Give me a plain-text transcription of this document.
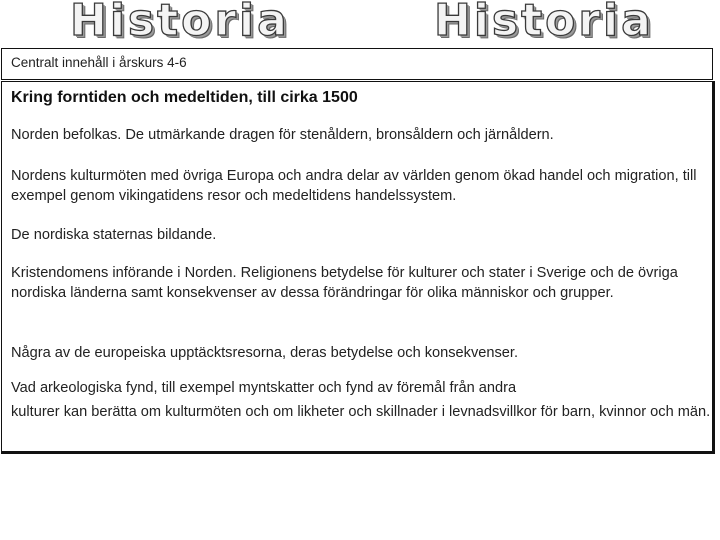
Historia	Historia
Centralt innehåll i årskurs 4-6
Kring forntiden och medeltiden, till cirka 1500
Norden befolkas. De utmärkande dragen för stenåldern, bronsåldern och järnåldern.
Nordens kulturmöten med övriga Europa och andra delar av världen genom ökad handel och migration, till exempel genom vikingatidens resor och medeltidens handelssystem.
De nordiska staternas bildande.
Kristendomens införande i Norden. Religionens betydelse för kulturer och stater i Sverige och de övriga nordiska länderna samt konsekvenser av dessa förändringar för olika människor och grupper.
Några av de europeiska upptäcktsresorna, deras betydelse och konsekvenser.
Vad arkeologiska fynd, till exempel myntskatter och fynd av föremål från andra
kulturer kan berätta om kulturmöten och om likheter och skillnader i levnadsvillkor för barn, kvinnor och män.
